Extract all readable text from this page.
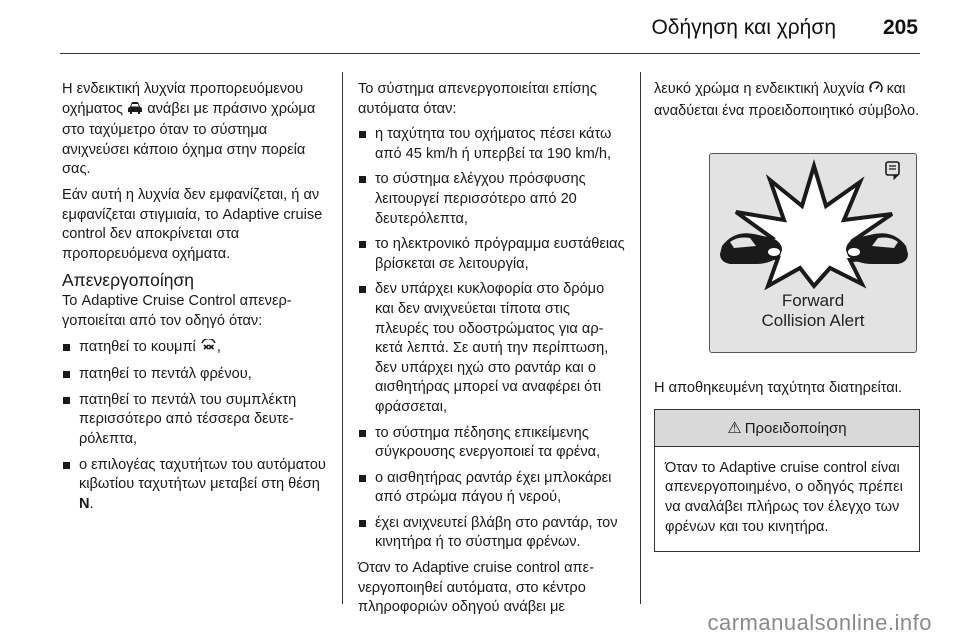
Οδήγηση και χρήση 205

Η ενδεικτική λυχνία προπορευόμενου οχήματος ανάβει με πράσινο χρώμα στο ταχύμετρο όταν το σύστημα ανιχνεύσει κάποιο όχημα στην πορεία σας.

Εάν αυτή η λυχνία δεν εμφανίζεται, ή αν εμφανίζεται στιγμιαία, το Adaptive cruise control δεν αποκρίνεται στα προπορευόμενα οχήματα.

Απενεργοποίηση

Το Adaptive Cruise Control απενεργοποιείται από τον οδηγό όταν:

πατηθεί το κουμπί ,
πατηθεί το πεντάλ φρένου,
πατηθεί το πεντάλ του συμπλέκτη περισσότερο από τέσσερα δευτερόλεπτα,
ο επιλογέας ταχυτήτων του αυτόματου κιβωτίου ταχυτήτων μεταβεί στη θέση N.

Το σύστημα απενεργοποιείται επίσης αυτόματα όταν:

η ταχύτητα του οχήματος πέσει κάτω από 45 km/h ή υπερβεί τα 190 km/h,
το σύστημα ελέγχου πρόσφυσης λειτουργεί περισσότερο από 20 δευτερόλεπτα,
το ηλεκτρονικό πρόγραμμα ευστάθειας βρίσκεται σε λειτουργία,
δεν υπάρχει κυκλοφορία στο δρόμο και δεν ανιχνεύεται τίποτα στις πλευρές του οδοστρώματος για αρκετά λεπτά. Σε αυτή την περίπτωση, δεν υπάρχει ηχώ στο ραντάρ και ο αισθητήρας μπορεί να αναφέρει ότι φράσσεται,
το σύστημα πέδησης επικείμενης σύγκρουσης ενεργοποιεί τα φρένα,
ο αισθητήρας ραντάρ έχει μπλοκάρει από στρώμα πάγου ή νερού,
έχει ανιχνευτεί βλάβη στο ραντάρ, τον κινητήρα ή το σύστημα φρένων.

Όταν το Adaptive cruise control απενεργοποιηθεί αυτόματα, στο κέντρο πληροφοριών οδηγού ανάβει με

λευκό χρώμα η ενδεικτική λυχνία και αναδύεται ένα προειδοποιητικό σύμβολο.

Forward
Collision Alert

Η αποθηκευμένη ταχύτητα διατηρείται.

⚠ Προειδοποίηση
Όταν το Adaptive cruise control είναι απενεργοποιημένο, ο οδηγός πρέπει να αναλάβει πλήρως τον έλεγχο των φρένων και του κινητήρα.
carmanualsonline.info
